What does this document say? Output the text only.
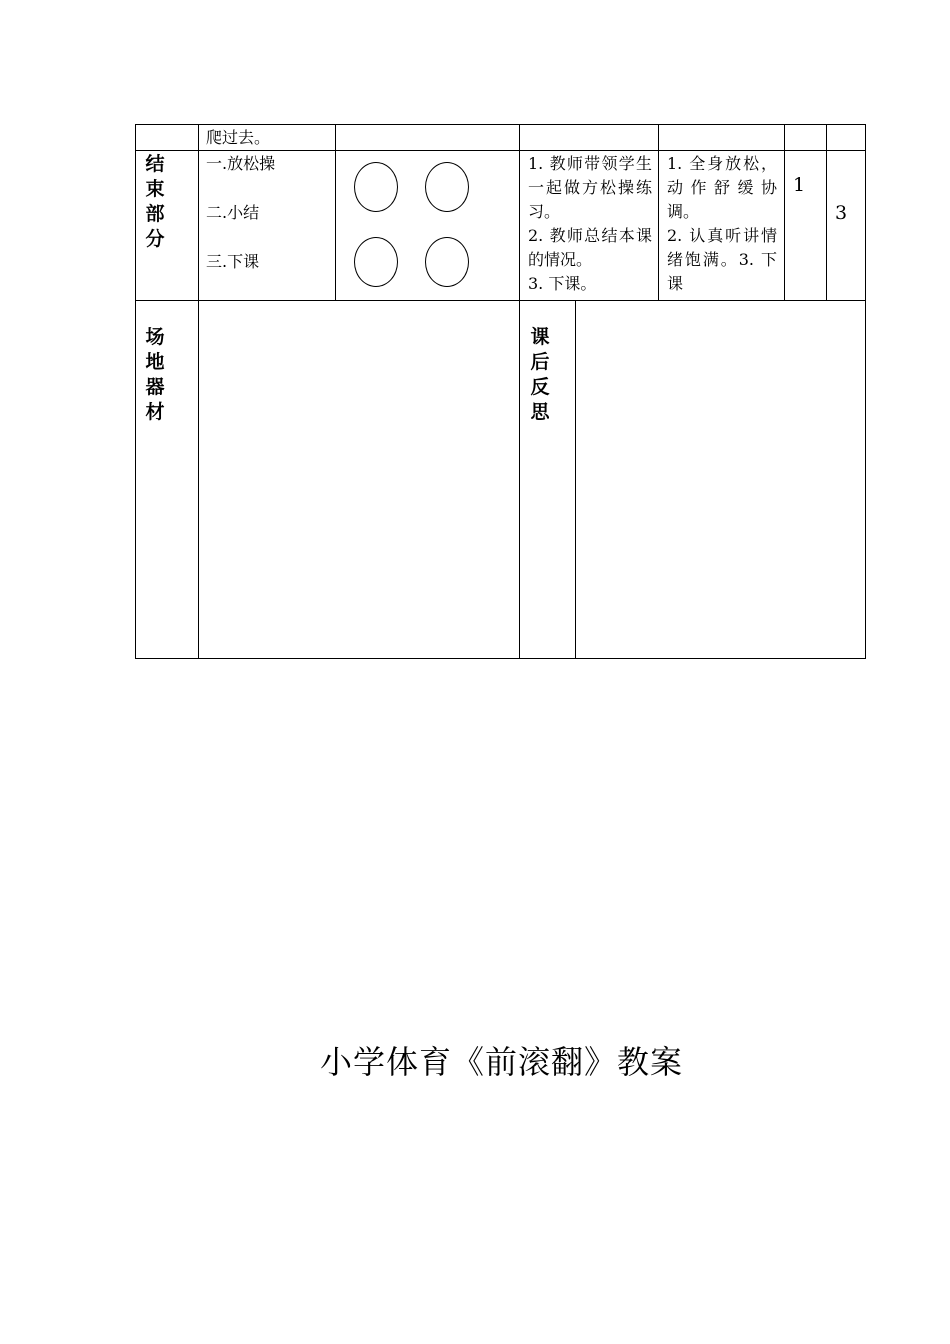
爬过去。
结
束
部
分
一.放松操
二.小结
三.下课
1. 教师带领学生一起做方松操练习。
2. 教师总结本课的情况。
3. 下课。
1. 全身放松，动作舒缓协调。
2. 认真听讲情绪饱满。3. 下课
1
3
场
地
器
材
课
后
反
思
小学体育《前滚翻》教案
